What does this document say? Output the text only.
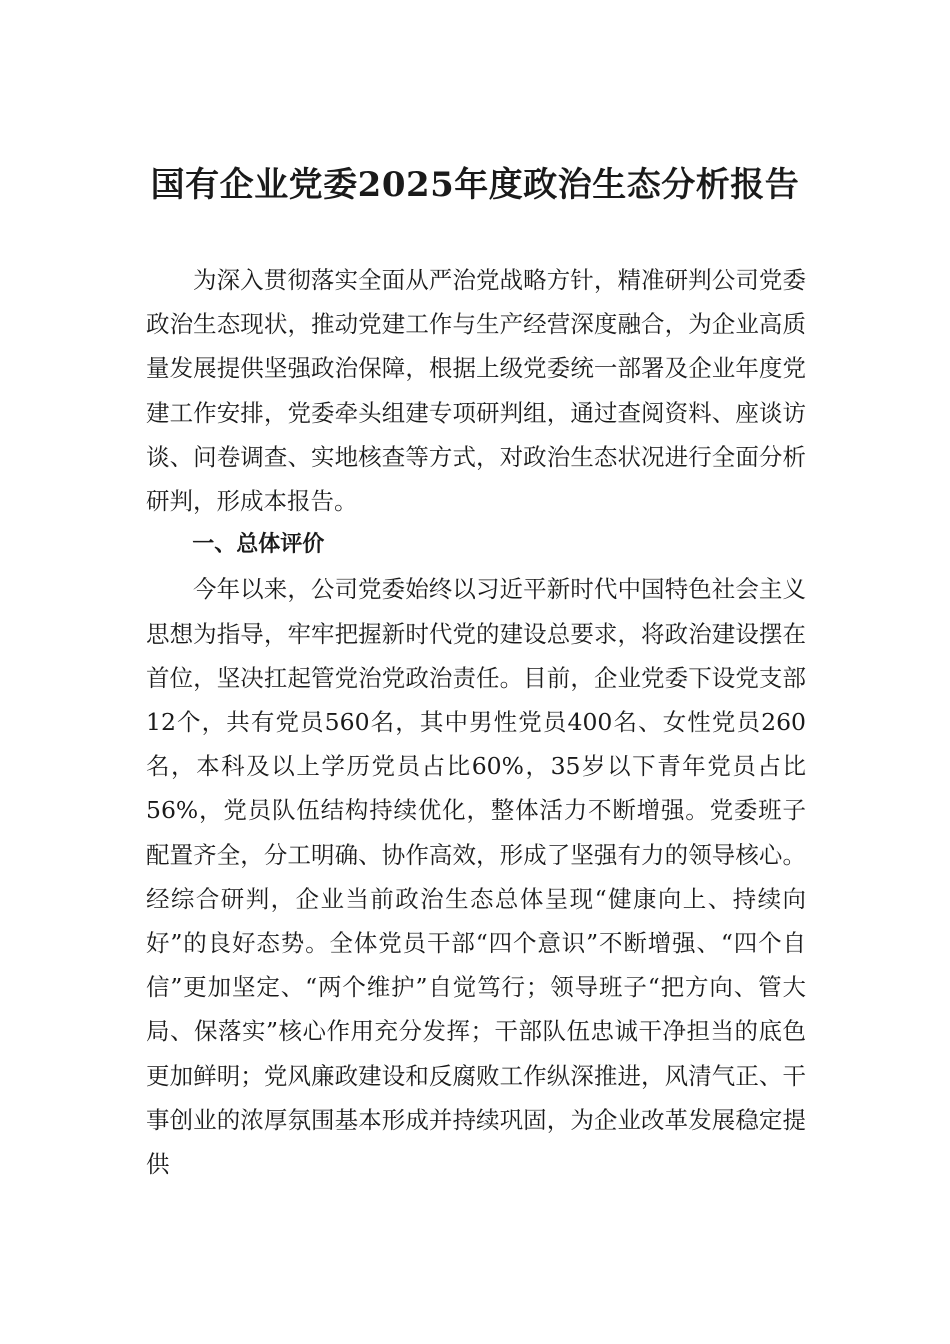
国有企业党委2025年度政治生态分析报告

为深入贯彻落实全面从严治党战略方针，精准研判公司党委政治生态现状，推动党建工作与生产经营深度融合，为企业高质量发展提供坚强政治保障，根据上级党委统一部署及企业年度党建工作安排，党委牵头组建专项研判组，通过查阅资料、座谈访谈、问卷调查、实地核查等方式，对政治生态状况进行全面分析研判，形成本报告。

一、总体评价

今年以来，公司党委始终以习近平新时代中国特色社会主义思想为指导，牢牢把握新时代党的建设总要求，将政治建设摆在首位，坚决扛起管党治党政治责任。目前，企业党委下设党支部12个，共有党员560名，其中男性党员400名、女性党员260名，本科及以上学历党员占比60%，35岁以下青年党员占比56%，党员队伍结构持续优化，整体活力不断增强。党委班子配置齐全，分工明确、协作高效，形成了坚强有力的领导核心。经综合研判，企业当前政治生态总体呈现“健康向上、持续向好”的良好态势。全体党员干部“四个意识”不断增强、“四个自信”更加坚定、“两个维护”自觉笃行；领导班子“把方向、管大局、保落实”核心作用充分发挥；干部队伍忠诚干净担当的底色更加鲜明；党风廉政建设和反腐败工作纵深推进，风清气正、干事创业的浓厚氛围基本形成并持续巩固，为企业改革发展稳定提供
